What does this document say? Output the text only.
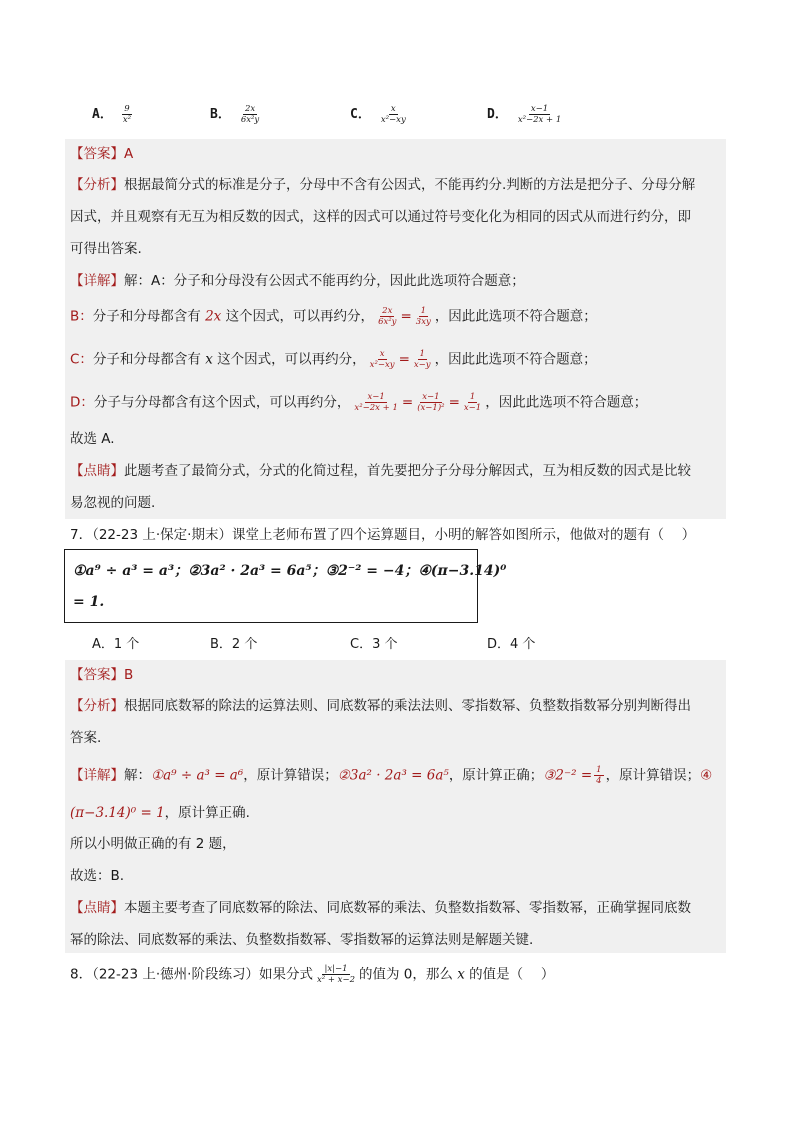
A． $\frac{9}{\text{x²}}$	B． $\frac{2x}{\text{6x²y}}$	C． $\frac{x}{\text{x²−xy}}$	D． $\frac{x-1}{\text{x²−2x + 1}}$
【答案】A
【分析】根据最简分式的标准是分子，分母中不含有公因式，不能再约分.判断的方法是把分子、分母分解
因式，并且观察有无互为相反数的因式，这样的因式可以通过符号变化化为相同的因式从而进行约分，即
可得出答案.
【详解】解：A：分子和分母没有公因式不能再约分，因此此选项符合题意；
B：分子和分母都含有 2x 这个因式，可以再约分， $\frac{2x}{\text{6x²y}} = \frac{1}{3xy}$ ，因此此选项不符合题意；
C：分子和分母都含有 x 这个因式，可以再约分， $\frac{x}{\text{x²−xy}} = \frac{1}{x-y}$ ，因此此选项不符合题意；
D：分子与分母都含有这个因式，可以再约分， $\frac{x-1}{\text{x²−2x + 1}} = \frac{x-1}{\text{(x−1)²}} = \frac{1}{x-1}$ ，因此此选项不符合题意；
故选 A.
【点睛】此题考查了最简分式，分式的化简过程，首先要把分子分母分解因式，互为相反数的因式是比较
易忽视的问题.
7．（22-23 上·保定·期末）课堂上老师布置了四个运算题目，小明的解答如图所示，他做对的题有（　 ）
①a⁹ ÷ a³ = a³；②3a² · 2a³ = 6a⁵；③2⁻² = −4；④(π−3.14)⁰
= 1.
A．1 个	B．2 个	C．3 个	D．4 个
【答案】B
【分析】根据同底数幂的除法的运算法则、同底数幂的乘法法则、零指数幂、负整数指数幂分别判断得出
答案.
【详解】解：①a⁹ ÷ a³ = a⁶，原计算错误；②3a² · 2a³ = 6a⁵，原计算正确；③2⁻² = $\frac{1}{4}$ ，原计算错误；④
(π−3.14)⁰ = 1，原计算正确.
所以小明做正确的有 2 题，
故选：B.
【点睛】本题主要考查了同底数幂的除法、同底数幂的乘法、负整数指数幂、零指数幂，正确掌握同底数
幂的除法、同底数幂的乘法、负整数指数幂、零指数幂的运算法则是解题关键.
8．（22-23 上·德州·阶段练习）如果分式 $\frac{|x|-1}{\text{x² + x−2}}$ 的值为 0，那么 x 的值是（　 ）
